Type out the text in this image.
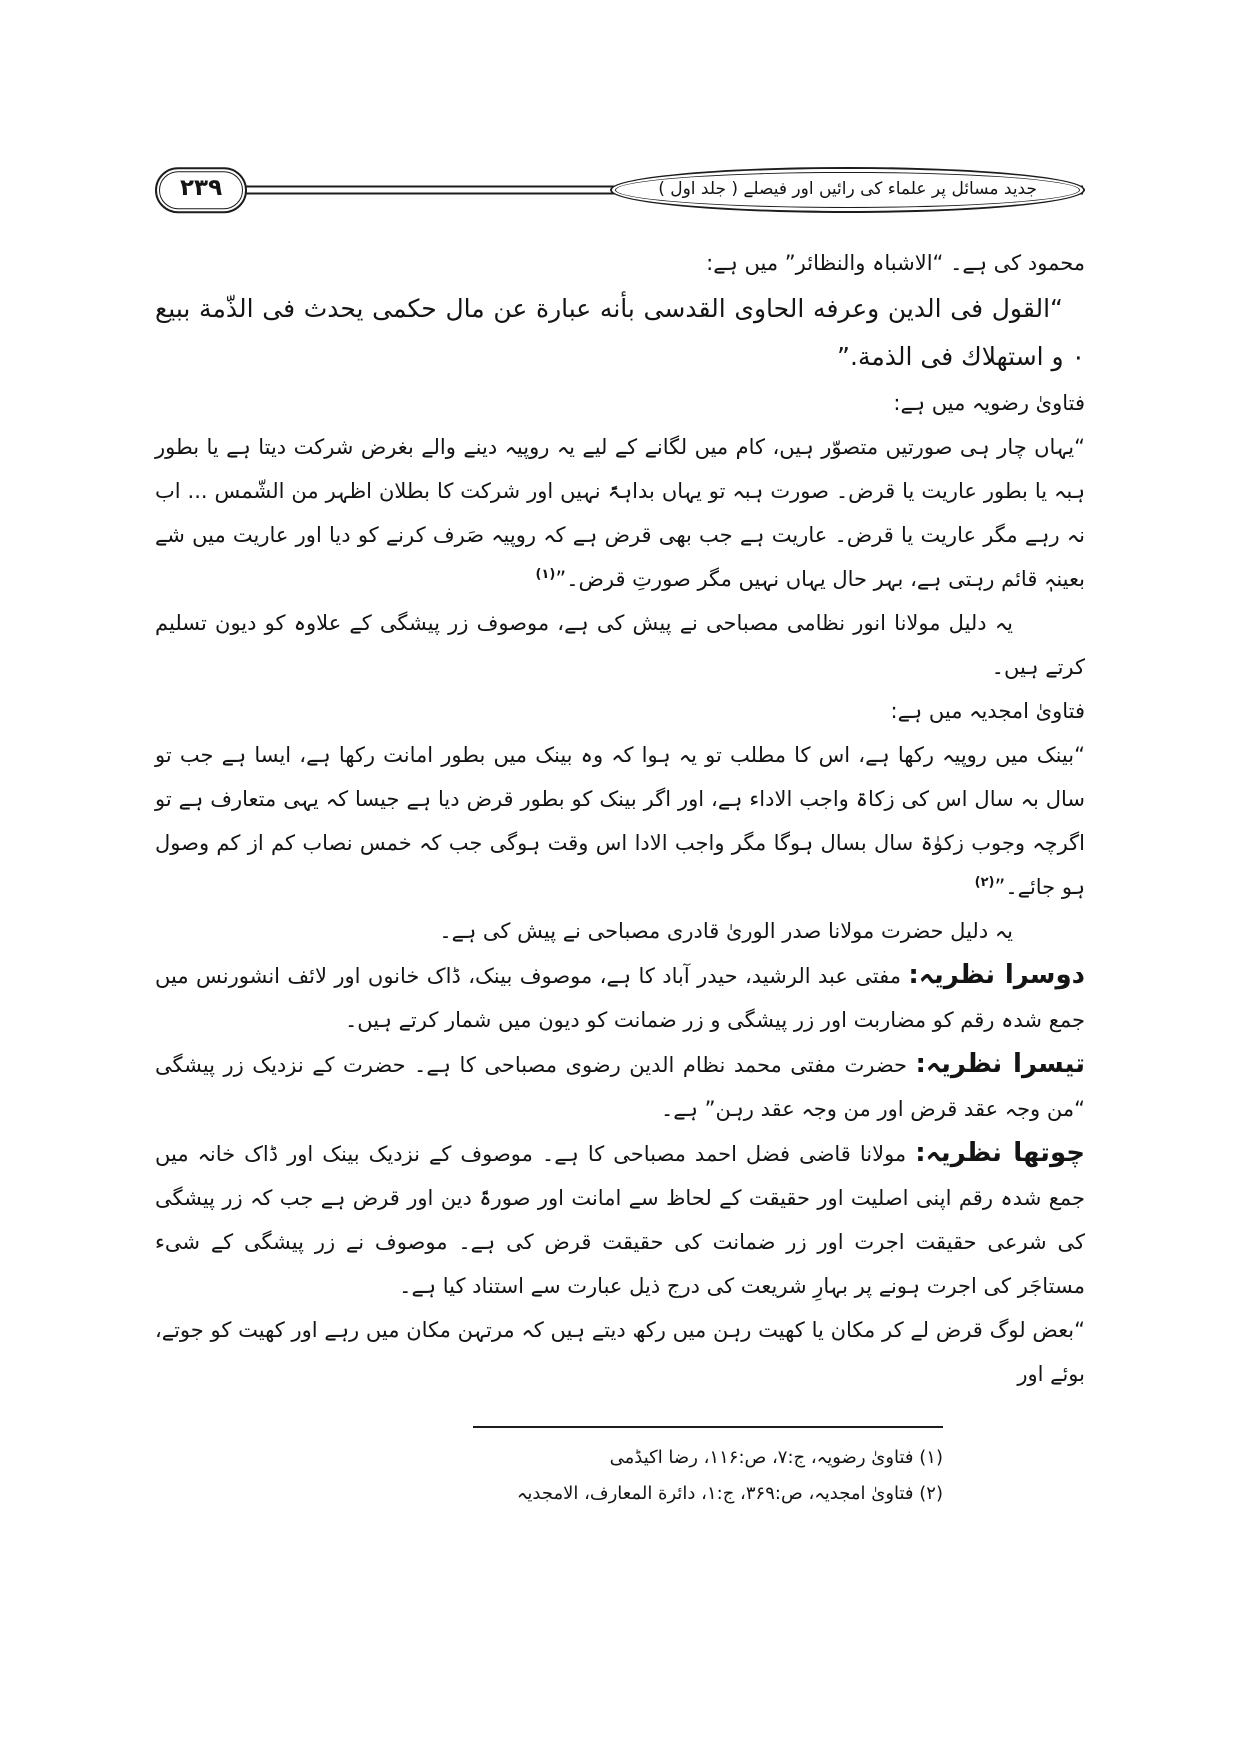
۲۳۹	جدید مسائل پر علماء کی رائیں اور فیصلے ( جلد اول )

محمود کی ہے۔ “الاشباہ والنظائر” میں ہے:

“القول فی الدین وعرفه الحاوی القدسی بأنه عبارة عن مال حکمی یحدث فی الذّمة ببیع ٠ و استهلاك فی الذمة.”

فتاویٰ رضویہ میں ہے:

“یہاں چار ہی صورتیں متصوّر ہیں، کام میں لگانے کے لیے یہ روپیہ دینے والے بغرض شرکت دیتا ہے یا بطور ہبہ یا بطور عاریت یا قرض۔ صورت ہبہ تو یہاں بداہۃً نہیں اور شرکت کا بطلان اظہر من الشّمس ... اب نہ رہے مگر عاریت یا قرض۔ عاریت ہے جب بھی قرض ہے کہ روپیہ صَرف کرنے کو دیا اور عاریت میں شے بعینہٖ قائم رہتی ہے، بہر حال یہاں نہیں مگر صورتِ قرض۔”$^{(۱)}$

یہ دلیل مولانا انور نظامی مصباحی نے پیش کی ہے، موصوف زر پیشگی کے علاوہ کو دیون تسلیم کرتے ہیں۔

فتاویٰ امجدیہ میں ہے:

“بینک میں روپیہ رکھا ہے، اس کا مطلب تو یہ ہوا کہ وہ بینک میں بطور امانت رکھا ہے، ایسا ہے جب تو سال بہ سال اس کی زکاۃ واجب الاداء ہے، اور اگر بینک کو بطور قرض دیا ہے جیسا کہ یہی متعارف ہے تو اگرچہ وجوب زکوٰۃ سال بسال ہوگا مگر واجب الادا اس وقت ہوگی جب کہ خمس نصاب کم از کم وصول ہو جائے۔”$^{(۲)}$

یہ دلیل حضرت مولانا صدر الوریٰ قادری مصباحی نے پیش کی ہے۔

دوسرا نظریہ: مفتی عبد الرشید، حیدر آباد کا ہے، موصوف بینک، ڈاک خانوں اور لائف انشورنس میں جمع شدہ رقم کو مضاربت اور زر پیشگی و زر ضمانت کو دیون میں شمار کرتے ہیں۔

تیسرا نظریہ: حضرت مفتی محمد نظام الدین رضوی مصباحی کا ہے۔ حضرت کے نزدیک زر پیشگی “من وجہ عقد قرض اور من وجہ عقد رہن” ہے۔

چوتھا نظریہ: مولانا قاضی فضل احمد مصباحی کا ہے۔ موصوف کے نزدیک بینک اور ڈاک خانہ میں جمع شدہ رقم اپنی اصلیت اور حقیقت کے لحاظ سے امانت اور صورۃً دین اور قرض ہے جب کہ زر پیشگی کی شرعی حقیقت اجرت اور زر ضمانت کی حقیقت قرض کی ہے۔ موصوف نے زر پیشگی کے شیء مستاجَر کی اجرت ہونے پر بہارِ شریعت کی درج ذیل عبارت سے استناد کیا ہے۔

“بعض لوگ قرض لے کر مکان یا کھیت رہن میں رکھ دیتے ہیں کہ مرتہن مکان میں رہے اور کھیت کو جوتے، بوئے اور

(۱) فتاویٰ رضویہ، ج:۷، ص:۱۱۶، رضا اکیڈمی

(۲) فتاویٰ امجدیہ، ص:۳۶۹، ج:۱، دائرة المعارف، الامجدیہ
